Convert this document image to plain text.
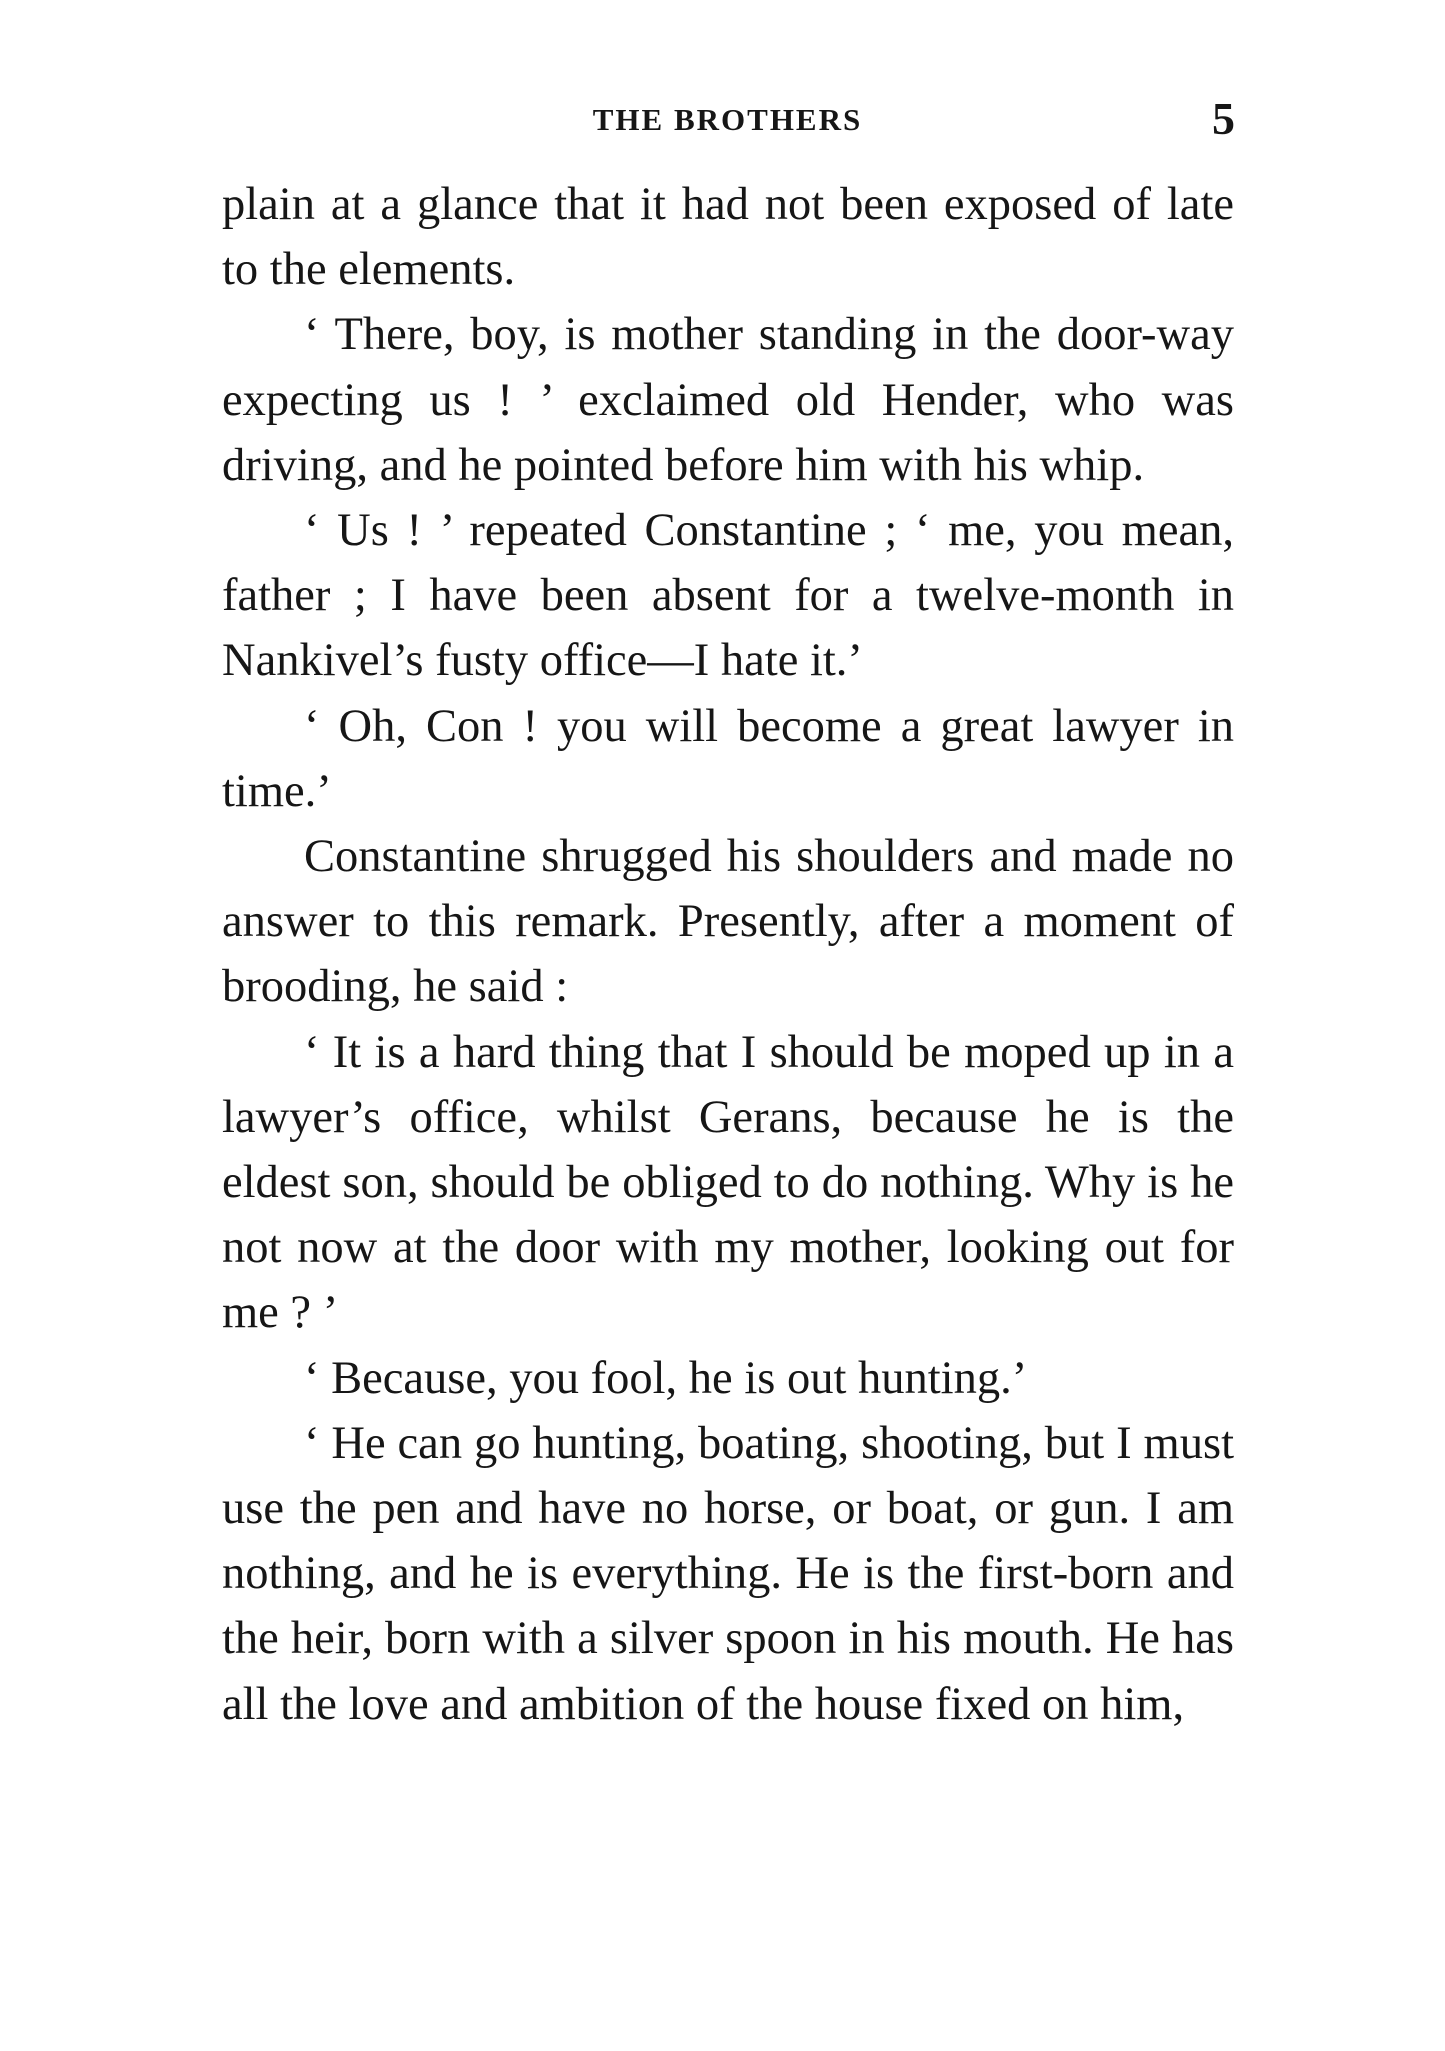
THE BROTHERS	5

plain at a glance that it had not been exposed of late to the elements.

‘ There, boy, is mother standing in the door-way expecting us ! ’ exclaimed old Hender, who was driving, and he pointed before him with his whip.

‘ Us ! ’ repeated Constantine ; ‘ me, you mean, father ; I have been absent for a twelve-month in Nankivel’s fusty office—I hate it.’

‘ Oh, Con ! you will become a great lawyer in time.’

Constantine shrugged his shoulders and made no answer to this remark. Presently, after a moment of brooding, he said :

‘ It is a hard thing that I should be moped up in a lawyer’s office, whilst Gerans, because he is the eldest son, should be obliged to do nothing. Why is he not now at the door with my mother, looking out for me ? ’

‘ Because, you fool, he is out hunting.’

‘ He can go hunting, boating, shooting, but I must use the pen and have no horse, or boat, or gun. I am nothing, and he is everything. He is the first-born and the heir, born with a silver spoon in his mouth. He has all the love and ambition of the house fixed on him,
